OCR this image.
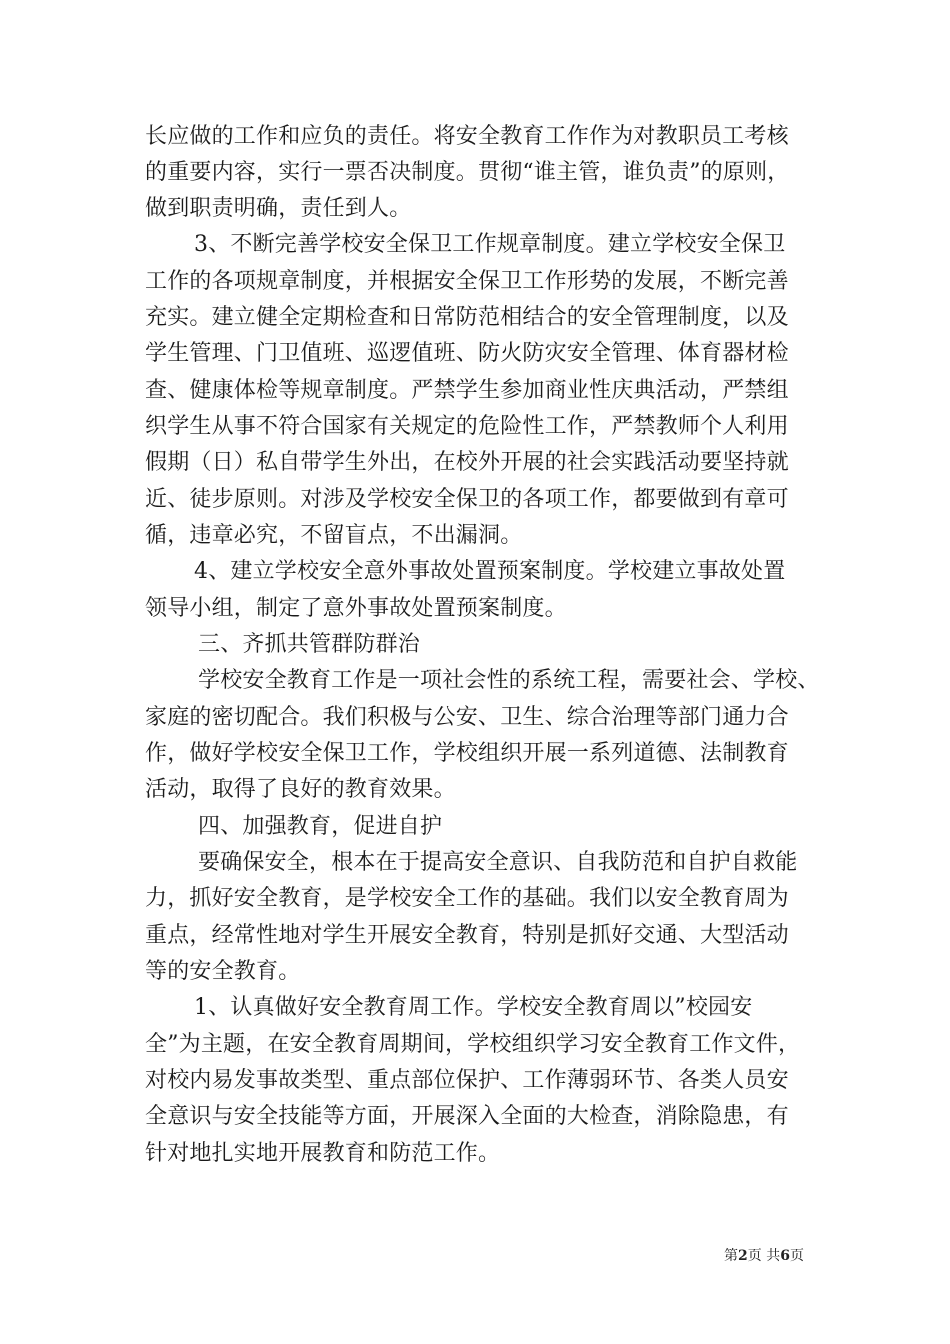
长应做的工作和应负的责任。将安全教育工作作为对教职员工考核
的重要内容，实行一票否决制度。贯彻“谁主管，谁负责”的原则，
做到职责明确，责任到人。
3、不断完善学校安全保卫工作规章制度。建立学校安全保卫
工作的各项规章制度，并根据安全保卫工作形势的发展，不断完善
充实。建立健全定期检查和日常防范相结合的安全管理制度，以及
学生管理、门卫值班、巡逻值班、防火防灾安全管理、体育器材检
查、健康体检等规章制度。严禁学生参加商业性庆典活动，严禁组
织学生从事不符合国家有关规定的危险性工作，严禁教师个人利用
假期（日）私自带学生外出，在校外开展的社会实践活动要坚持就
近、徒步原则。对涉及学校安全保卫的各项工作，都要做到有章可
循，违章必究，不留盲点，不出漏洞。
4、建立学校安全意外事故处置预案制度。学校建立事故处置
领导小组，制定了意外事故处置预案制度。
三、齐抓共管群防群治
学校安全教育工作是一项社会性的系统工程，需要社会、学校、
家庭的密切配合。我们积极与公安、卫生、综合治理等部门通力合
作，做好学校安全保卫工作，学校组织开展一系列道德、法制教育
活动，取得了良好的教育效果。
四、加强教育，促进自护
要确保安全，根本在于提高安全意识、自我防范和自护自救能
力，抓好安全教育，是学校安全工作的基础。我们以安全教育周为
重点，经常性地对学生开展安全教育，特别是抓好交通、大型活动
等的安全教育。
1、认真做好安全教育周工作。学校安全教育周以”校园安
全”为主题，在安全教育周期间，学校组织学习安全教育工作文件，
对校内易发事故类型、重点部位保护、工作薄弱环节、各类人员安
全意识与安全技能等方面，开展深入全面的大检查，消除隐患，有
针对地扎实地开展教育和防范工作。
第2页 共6页
